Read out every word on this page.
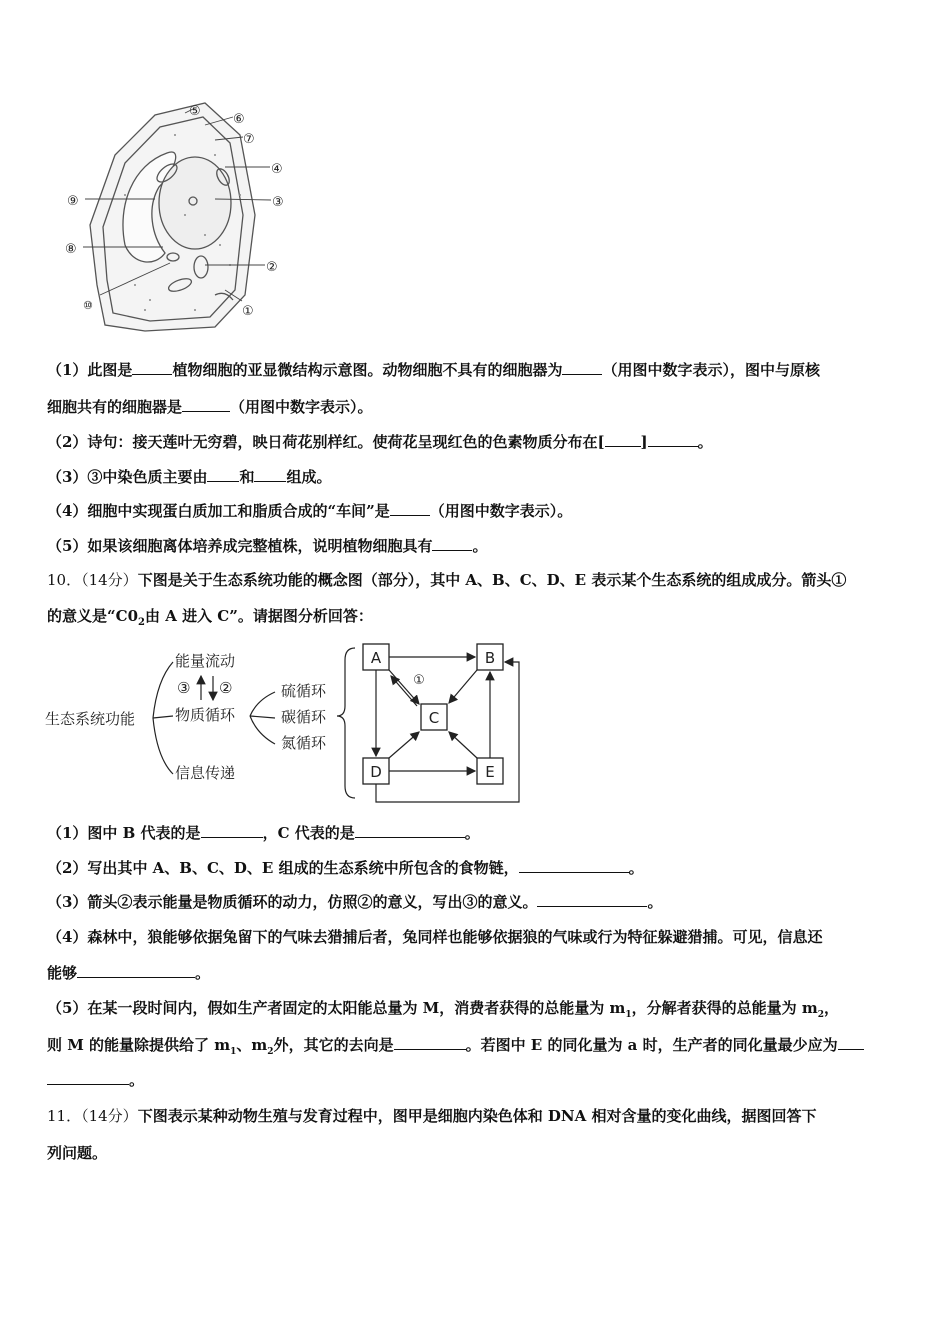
⑤
⑥
⑦
④
③
②
①
⑨
⑧
⑩
（1）此图是	植物细胞的亚显微结构示意图。动物细胞不具有的细胞器为	（用图中数字表示），图中与原核
细胞共有的细胞器是	（用图中数字表示）。
（2）诗句：接天莲叶无穷碧，映日荷花别样红。使荷花呈现红色的色素物质分布在[ ]	。
（3）③中染色质主要由 和 组成。
（4）细胞中实现蛋白质加工和脂质合成的“车间”是	（用图中数字表示）。
（5）如果该细胞离体培养成完整植株，说明植物细胞具有	。
10．（14分）下图是关于生态系统功能的概念图（部分），其中 A、B、C、D、E 表示某个生态系统的组成成分。箭头①
的意义是“$C0_2$由 A 进入 C”。请据图分析回答：
生态系统功能
能量流动
物质循环
信息传递
③ ②	硫循环
碳循环
氮循环
A	B
C
D	E
①
（1）图中 B 代表的是	，C 代表的是	。
（2）写出其中 A、B、C、D、E 组成的生态系统中所包含的食物链，	。
（3）箭头②表示能量是物质循环的动力，仿照②的意义，写出③的意义。	。
（4）森林中，狼能够依据兔留下的气味去猎捕后者，兔同样也能够依据狼的气味或行为特征躲避猎捕。可见，信息还
能够	。
（5）在某一段时间内，假如生产者固定的太阳能总量为 M，消费者获得的总能量为 $m_1$，分解者获得的总能量为 $m_2$，
则 M 的能量除提供给了 $m_1$、$m_2$外，其它的去向是	。若图中 E 的同化量为 a 时，生产者的同化量最少应为
。
11．（14分）下图表示某种动物生殖与发育过程中，图甲是细胞内染色体和 DNA 相对含量的变化曲线，据图回答下
列问题。
